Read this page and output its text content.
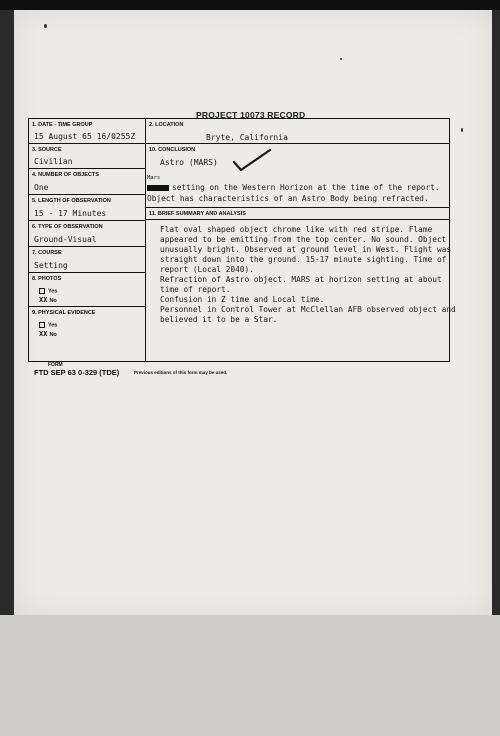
PROJECT 10073 RECORD
1. DATE - TIME GROUP
15 August 65 16/0255Z
3. SOURCE
Civilian
4. NUMBER OF OBJECTS
One
5. LENGTH OF OBSERVATION
15 - 17 Minutes
6. TYPE OF OBSERVATION
Ground-Visual
7. COURSE
Setting
8. PHOTOS
Yes
XX No
9. PHYSICAL EVIDENCE
Yes
XX No
2. LOCATION
Bryte, California
10. CONCLUSION
Astro (MARS)
Mars
setting on the Western Horizon at the time of the report.
Object has characteristics of an Astro Body being refracted.
11. BRIEF SUMMARY AND ANALYSIS
Flat oval shaped object chrome like with red stripe. Flame
appeared to be emitting from the top center. No sound. Object
unusually bright. Observed at ground level in West. Flight was
straight down into the ground. 15-17 minute sighting. Time of
report (Local 2040).
Refraction of Astro object. MARS at horizon setting at about
time of report.
Confusion in Z time and Local time.
Personnel in Control Tower at McClellan AFB observed object and
believed it to be a Star.
FORM
FTD SEP 63 0-329 (TDE)	Previous editions of this form may be used.
